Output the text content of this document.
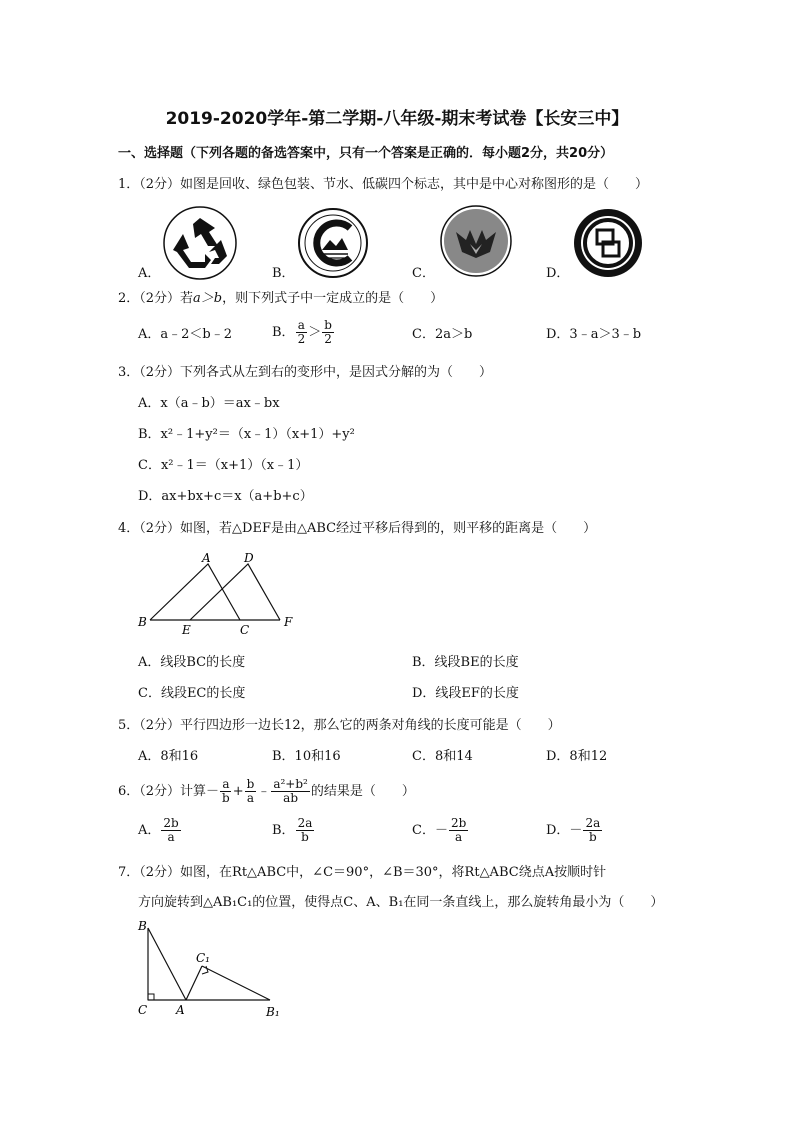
2019-2020学年-第二学期-八年级-期末考试卷【长安三中】
一、选择题（下列各题的备选答案中，只有一个答案是正确的．每小题2分，共20分）
1．（2分）如图是回收、绿色包装、节水、低碳四个标志，其中是中心对称图形的是（　　）
A．	B．	C．	D．
2．（2分）若a＞b，则下列式子中一定成立的是（　　）
A．a﹣2＜b﹣2	B． $\frac{a}{2} > \frac{b}{2}$	C．2a＞b	D．3﹣a＞3﹣b
3．（2分）下列各式从左到右的变形中，是因式分解的为（　　）
A．x（a﹣b）＝ax﹣bx
B．x²﹣1+y²＝（x﹣1）（x+1）+y²
C．x²﹣1＝（x+1）（x﹣1）
D．ax+bx+c＝x（a+b+c）
4．（2分）如图，若△DEF是由△ABC经过平移后得到的，则平移的距离是（　　）
A	D
B
E	C
F
A．线段BC的长度	B．线段BE的长度
C．线段EC的长度	D．线段EF的长度
5．（2分）平行四边形一边长12，那么它的两条对角线的长度可能是（　　）
A．8和16	B．10和16	C．8和14	D．8和12
6．（2分）计算－ $\frac{a}{b} + \frac{b}{a}$ ﹣ $\frac{\text{a²+b²}}{ab}$ 的结果是（　　）
A． $\frac{2b}{a}$	B． $\frac{2a}{b}$	C．－ $\frac{2b}{a}$	D．－ $\frac{2a}{b}$
7．（2分）如图，在Rt△ABC中，∠C＝90°，∠B＝30°，将Rt△ABC绕点A按顺时针
方向旋转到△AB₁C₁的位置，使得点C、A、B₁在同一条直线上，那么旋转角最小为（　　）
B
C₁
C A	B₁
